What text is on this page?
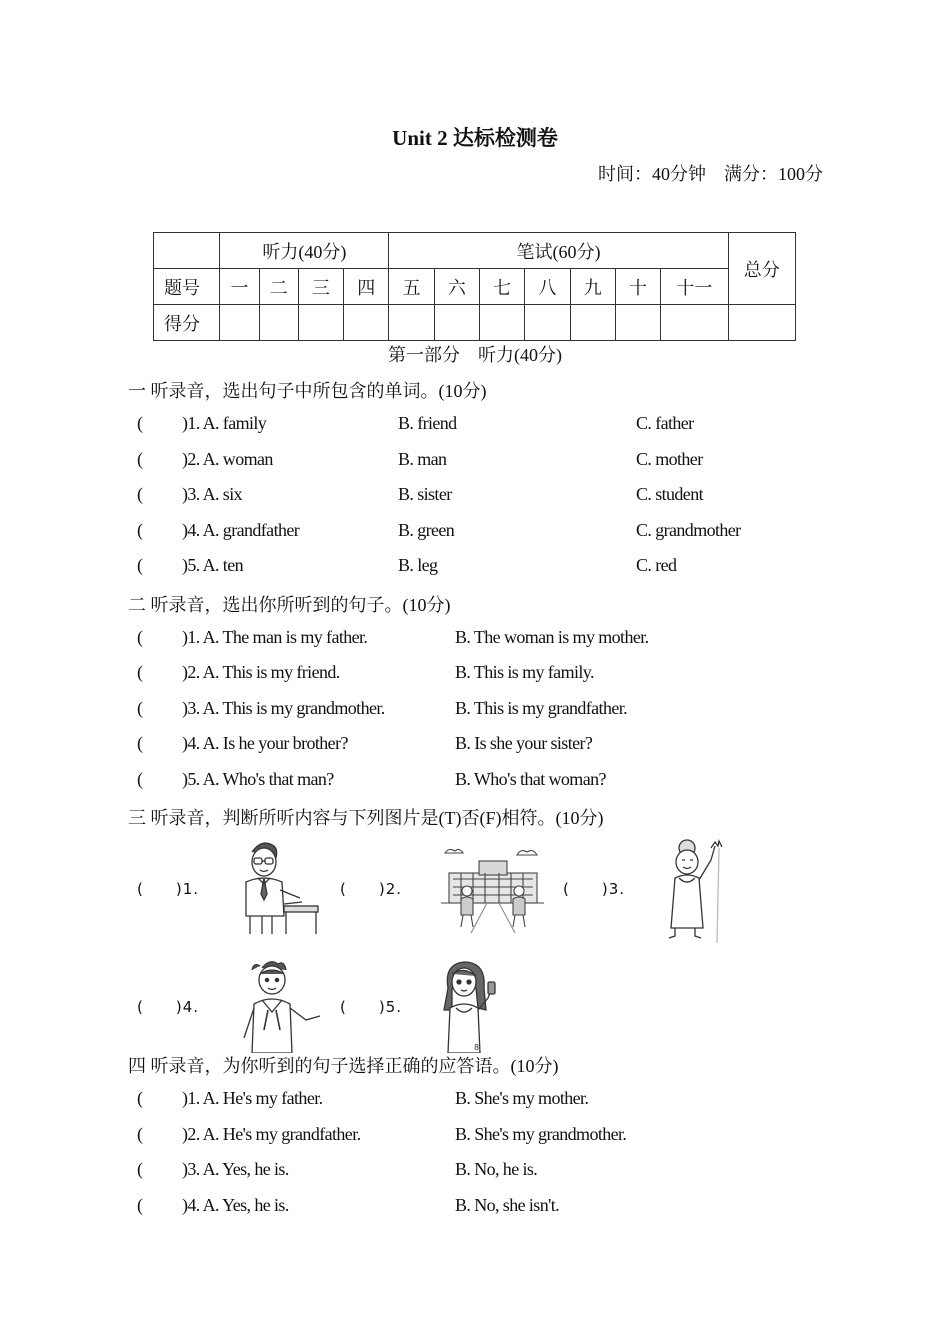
Unit 2 达标检测卷
时间：40分钟　满分：100分
	听力(40分)				笔试(60分)							总分
题号	一	二	三	四	五	六	七	八	九	十	十一	
得分												
第一部分　听力(40分)
一 听录音，选出句子中所包含的单词。(10分)
( )1. A. family	B. friend	C. father
( )2. A. woman	B. man	C. mother
( )3. A. six	B. sister	C. student
( )4. A. grandfather	B. green	C. grandmother
( )5. A. ten	B. leg	C. red
二 听录音，选出你所听到的句子。(10分)
( )1. A. The man is my father.	B. The woman is my mother.
( )2. A. This is my friend.	B. This is my family.
( )3. A. This is my grandmother.	B. This is my grandfather.
( )4. A. Is he your brother?	B. Is she your sister?
( )5. A. Who's that man?	B. Who's that woman?
三 听录音，判断所听内容与下列图片是(T)否(F)相符。(10分)
(　　)1.	(　　)2.	(　　)3.
(　　)4.	(　　)5.
8
四 听录音，为你听到的句子选择正确的应答语。(10分)
( )1. A. He's my father.	B. She's my mother.
( )2. A. He's my grandfather.	B. She's my grandmother.
( )3. A. Yes, he is.	B. No, he is.
( )4. A. Yes, he is.	B. No, she isn't.
